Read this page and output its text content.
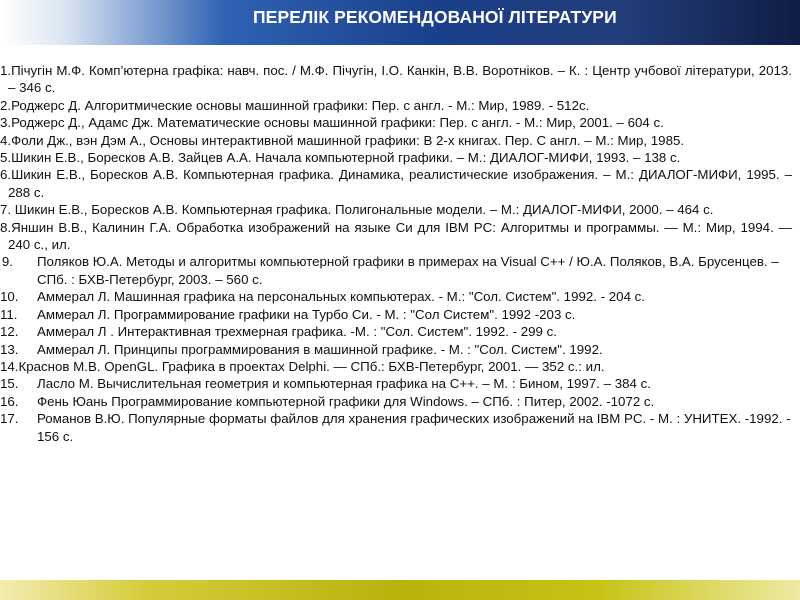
ПЕРЕЛІК РЕКОМЕНДОВАНОЇ ЛІТЕРАТУРИ
1.Пічугін М.Ф. Комп’ютерна графіка: навч. пос. / М.Ф. Пічугін, І.О. Канкін, В.В. Воротніков. – К. : Центр учбової літератури, 2013. – 346 с.
2.Роджерс Д. Алгоритмические основы машинной графики: Пер. с англ. - М.: Мир, 1989. - 512с.
3.Роджерс Д., Адамс Дж. Математические основы машинной графики: Пер. с англ. - М.: Мир, 2001. – 604 с.
4.Фоли Дж., вэн Дэм А., Основы интерактивной машинной графики: В 2-х книгах. Пер. С англ. – М.: Мир, 1985.
5.Шикин Е.В., Боресков А.В. Зайцев А.А. Начала компьютерной графики. – М.: ДИАЛОГ-МИФИ, 1993. – 138 с.
6.Шикин Е.В., Боресков А.В. Компьютерная графика. Динамика, реалистические изображения. – М.: ДИАЛОГ-МИФИ, 1995. – 288 с.
7. Шикин Е.В., Боресков А.В. Компьютерная графика. Полигональные модели. – М.: ДИАЛОГ-МИФИ, 2000. – 464 с.
8.Яншин В.В., Калинин Г.А. Обработка изображений на языке Си для IBM PC: Алгоритмы и программы. — М.: Мир, 1994. — 240 с., ил.
9. Поляков Ю.А. Методы и алгоритмы компьютерной графики в примерах на Visual C++ / Ю.А. Поляков, В.А. Брусенцев. – СПб. : БХВ-Петербург, 2003. – 560 с.
10. Аммерал Л. Машинная графика на персональных компьютерах. - М.: "Сол. Систем". 1992. - 204 с.
11. Аммерал Л. Программирование графики на Турбо Си. - М. : "Сол Систем". 1992 -203 с.
12. Аммерал Л . Интерактивная трехмерная графика. -М. : "Сол. Систем". 1992. - 299 с.
13. Аммерал Л. Принципы программирования в машинной графике. - М. : "Сол. Систем". 1992.
14.Краснов М.В. OpenGL. Графика в проектах Delphi. — СПб.: БХВ-Петербург, 2001. — 352 с.: ил.
15. Ласло М. Вычислительная геометрия и компьютерная графика на С++. – М. : Бином, 1997. – 384 с.
16. Фень Юань Программирование компьютерной графики для Windows. – СПб. : Питер, 2002. -1072 с.
17. Романов В.Ю. Популярные форматы файлов для хранения графических изображений на IBM PC. - М. : УНИТЕХ. -1992. - 156 с.
